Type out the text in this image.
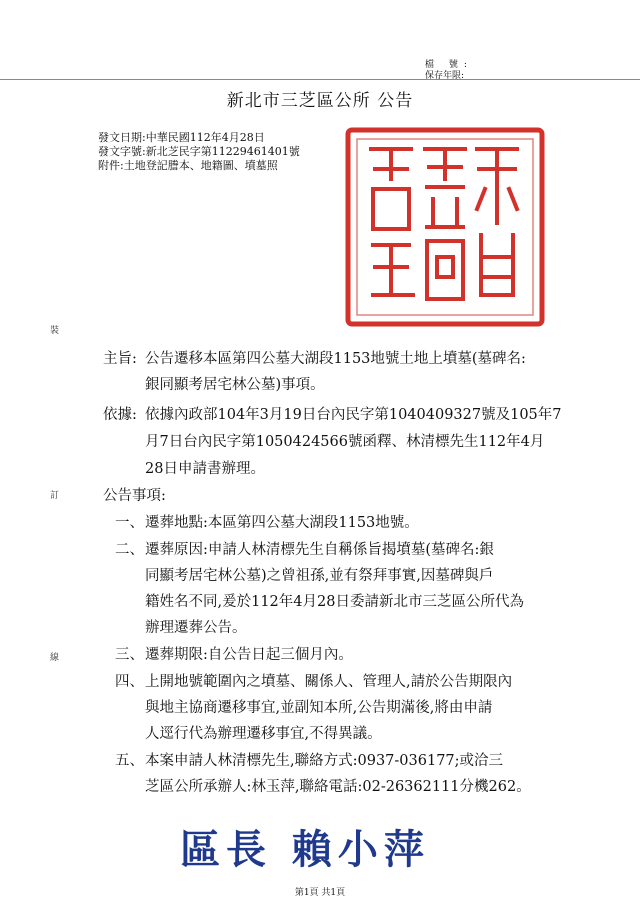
檔 號:
保存年限:
新北市三芝區公所 公告
發文日期:中華民國112年4月28日
發文字號:新北芝民字第11229461401號
附件:土地登記謄本、地籍圖、墳墓照
裝
訂
線
主旨: 公告遷移本區第四公墓大湖段1153地號土地上墳墓(墓碑名:
銀同顯考居宅林公墓)事項。
依據: 依據內政部104年3月19日台內民字第1040409327號及105年7
月7日台內民字第1050424566號函釋、林清標先生112年4月
28日申請書辦理。
公告事項:
一、 遷葬地點:本區第四公墓大湖段1153地號。
二、 遷葬原因:申請人林清標先生自稱係旨揭墳墓(墓碑名:銀
同顯考居宅林公墓)之曾祖孫,並有祭拜事實,因墓碑與戶
籍姓名不同,爰於112年4月28日委請新北市三芝區公所代為
辦理遷葬公告。
三、 遷葬期限:自公告日起三個月內。
四、 上開地號範圍內之墳墓、關係人、管理人,請於公告期限內
與地主協商遷移事宜,並副知本所,公告期滿後,將由申請
人逕行代為辦理遷移事宜,不得異議。
五、 本案申請人林清標先生,聯絡方式:0937-036177;或洽三
芝區公所承辦人:林玉萍,聯絡電話:02-26362111分機262。
區長 賴小萍
第1頁 共1頁
